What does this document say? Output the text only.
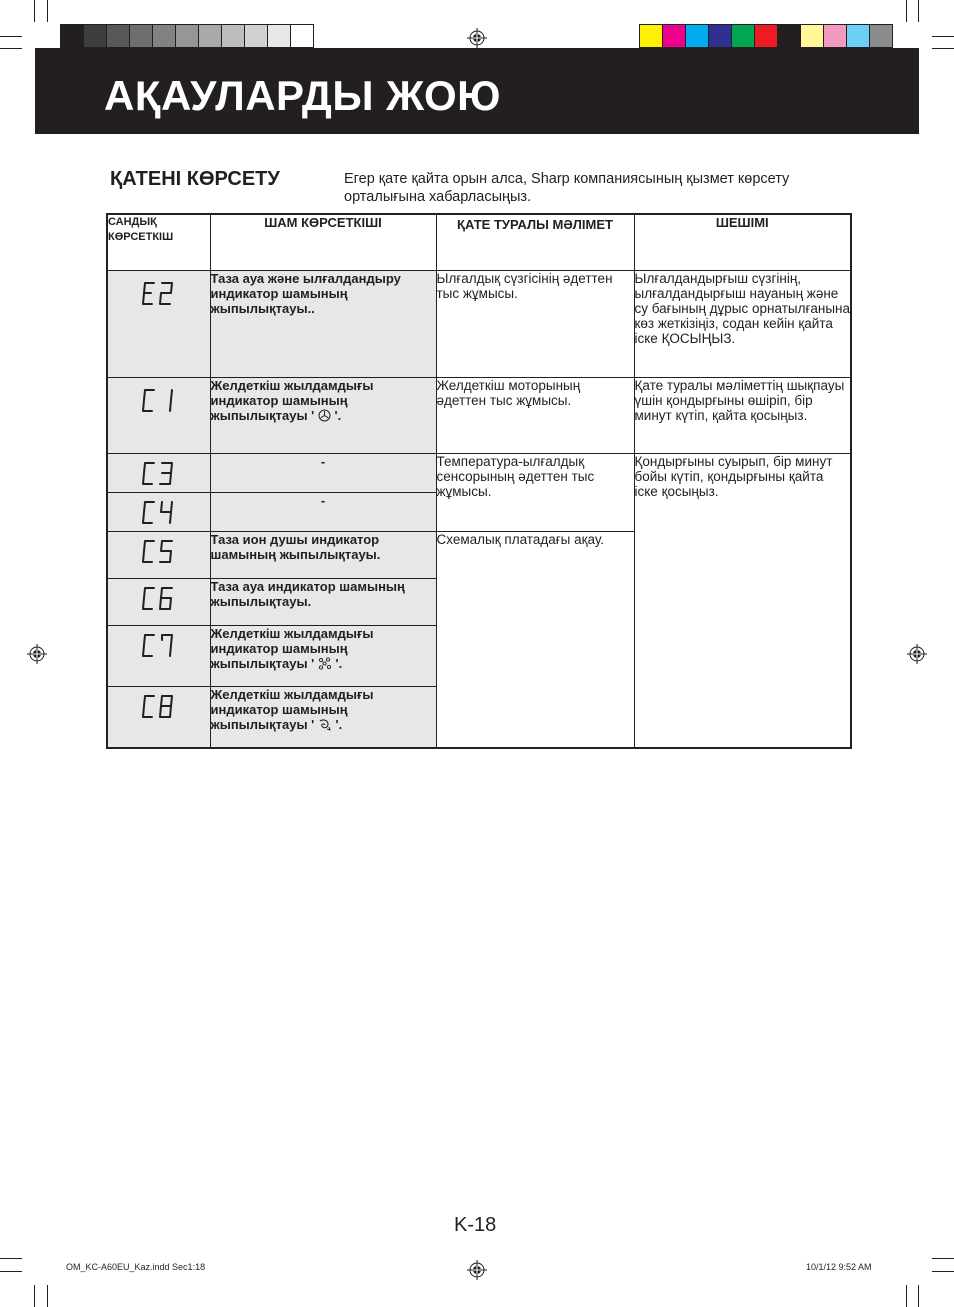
АҚАУЛАРДЫ ЖОЮ
ҚАТЕНІ КӨРСЕТУ	Егер қате қайта орын алса, Sharp компаниясының қызмет көрсету орталығына хабарласыңыз.
САНДЫҚ КӨРСЕТКІШ	ШАМ КӨРСЕТКІШІ	ҚАТЕ ТУРАЛЫ МӘЛІМЕТ	ШЕШІМІ

	Таза ауа және ылғалдандыру индикатор шамының жыпылықтауы..	Ылғалдық сүзгісінің әдеттен тыс жұмысы.	Ылғалдандырғыш сүзгінің, ылғалдандырғыш науаның және су бағының дұрыс орнатылғанына көз жеткізіңіз, содан кейін қайта іске ҚОСЫҢЫЗ.

	Желдеткіш жылдамдығы индикатор шамының жыпылықтауы ' '.	Желдеткіш моторының әдеттен тыс жұмысы.	Қате туралы мәліметтің шықпауы үшін қондырғыны өшіріп, бір минут күтіп, қайта қосыңыз.

	-	Температура-ылғалдық сенсорының әдеттен тыс жұмысы.	Қондырғыны суырып, бір минут бойы күтіп, қондырғыны қайта іске қосыңыз.

	-		

	Таза ион душы индикатор шамының жыпылықтауы.	Схемалық платадағы ақау.	

	Таза ауа индикатор шамының жыпылықтауы.		

	Желдеткіш жылдамдығы индикатор шамының жыпылықтауы ' '.		

	Желдеткіш жылдамдығы индикатор шамының жыпылықтауы ' '.		
K-18
OM_KC-A60EU_Kaz.indd Sec1:18	10/1/12 9:52 AM
